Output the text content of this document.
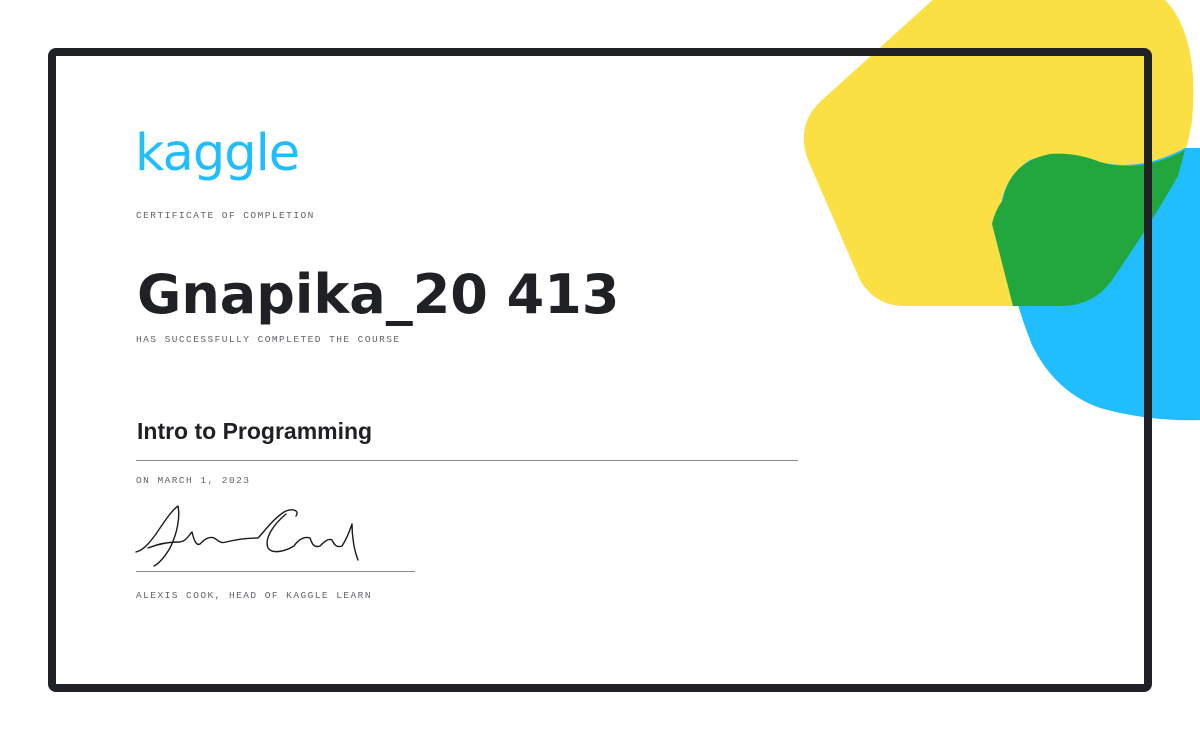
kaggle
CERTIFICATE OF COMPLETION
Gnapika_20 413
HAS SUCCESSFULLY COMPLETED THE COURSE
Intro to Programming
ON MARCH 1, 2023
ALEXIS COOK, HEAD OF KAGGLE LEARN
